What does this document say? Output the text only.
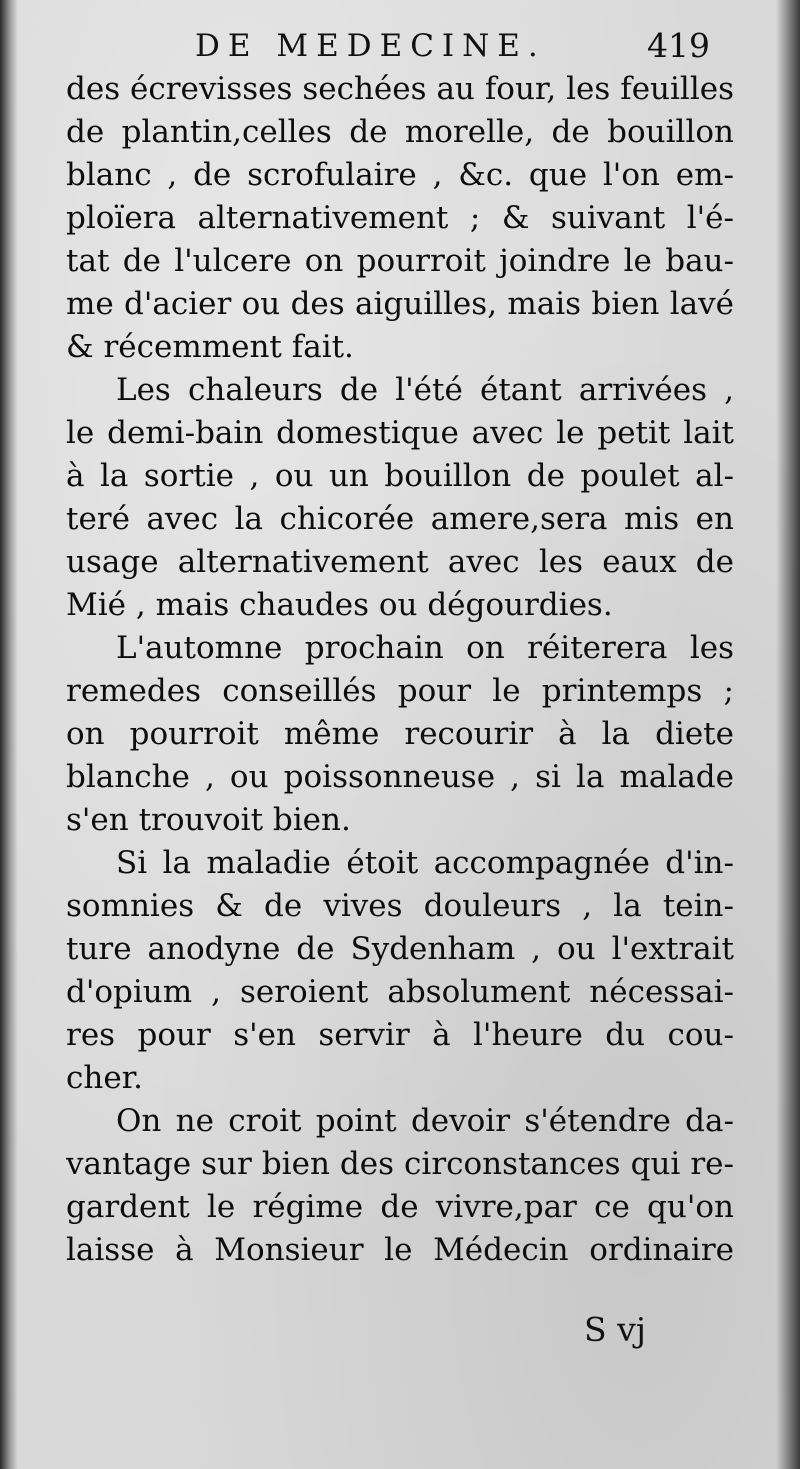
DE MEDECINE.	419
des écrevisses sechées au four, les feuilles
de plantin,celles de morelle, de bouillon
blanc , de scrofulaire , &c. que l'on em-
ploïera alternativement ; & suivant l'é-
tat de l'ulcere on pourroit joindre le bau-
me d'acier ou des aiguilles, mais bien lavé
& récemment fait.
Les chaleurs de l'été étant arrivées ,
le demi-bain domestique avec le petit lait
à la sortie , ou un bouillon de poulet al-
teré avec la chicorée amere,sera mis en
usage alternativement avec les eaux de
Mié , mais chaudes ou dégourdies.
L'automne prochain on réiterera les
remedes conseillés pour le printemps ;
on pourroit même recourir à la diete
blanche , ou poissonneuse , si la malade
s'en trouvoit bien.
Si la maladie étoit accompagnée d'in-
somnies & de vives douleurs , la tein-
ture anodyne de Sydenham , ou l'extrait
d'opium , seroient absolument nécessai-
res pour s'en servir à l'heure du cou-
cher.
On ne croit point devoir s'étendre da-
vantage sur bien des circonstances qui re-
gardent le régime de vivre,par ce qu'on
laisse à Monsieur le Médecin ordinaire
S vj
